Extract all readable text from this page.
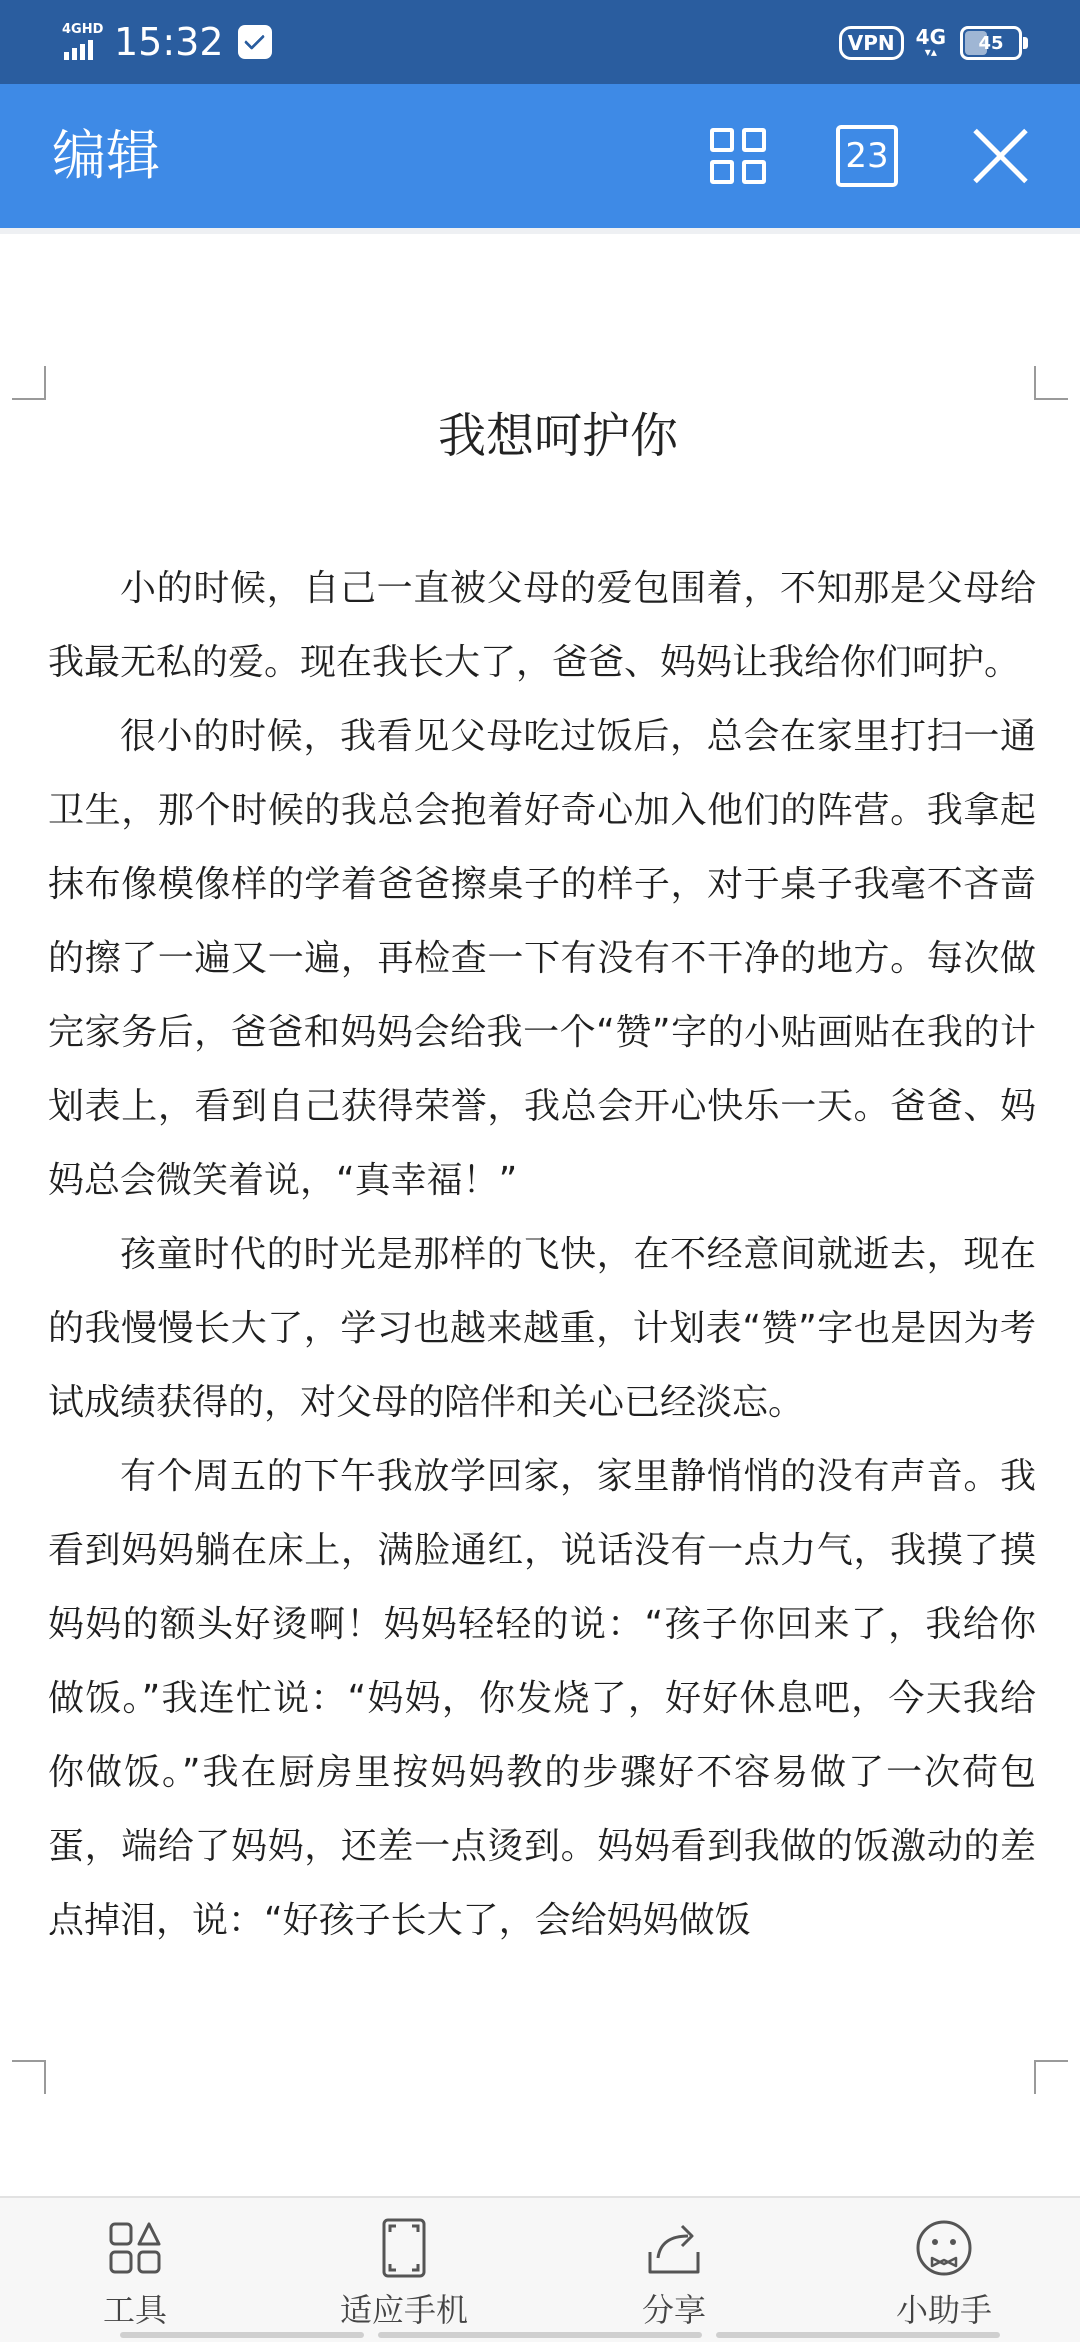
4GHD 15:32	VPN	4G
▾▴	45
编辑	23
我想呵护你

小的时候，自己一直被父母的爱包围着，不知那是父母给我最无私的爱。现在我长大了，爸爸、妈妈让我给你们呵护。

很小的时候，我看见父母吃过饭后，总会在家里打扫一通卫生，那个时候的我总会抱着好奇心加入他们的阵营。我拿起抹布像模像样的学着爸爸擦桌子的样子，对于桌子我毫不吝啬的擦了一遍又一遍，再检查一下有没有不干净的地方。每次做完家务后，爸爸和妈妈会给我一个“赞”字的小贴画贴在我的计划表上，看到自己获得荣誉，我总会开心快乐一天。爸爸、妈妈总会微笑着说，“真幸福！”

孩童时代的时光是那样的飞快，在不经意间就逝去，现在的我慢慢长大了，学习也越来越重，计划表“赞”字也是因为考试成绩获得的，对父母的陪伴和关心已经淡忘。

有个周五的下午我放学回家，家里静悄悄的没有声音。我看到妈妈躺在床上，满脸通红，说话没有一点力气，我摸了摸妈妈的额头好烫啊！妈妈轻轻的说：“孩子你回来了，我给你做饭。”我连忙说：“妈妈，你发烧了，好好休息吧，今天我给你做饭。”我在厨房里按妈妈教的步骤好不容易做了一次荷包蛋，端给了妈妈，还差一点烫到。妈妈看到我做的饭激动的差点掉泪，说：“好孩子长大了，会给妈妈做饭

工具	适应手机	分享	小助手
